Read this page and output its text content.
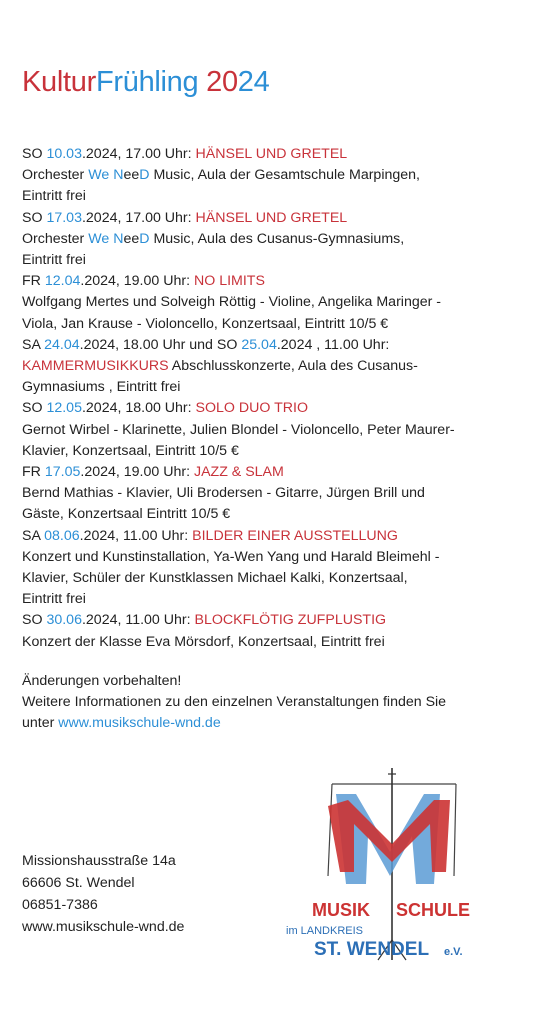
KulturFrühling 2024
SO 10.03.2024, 17.00 Uhr: HÄNSEL UND GRETEL
Orchester We NeeD Music, Aula der Gesamtschule Marpingen,
Eintritt frei
SO 17.03.2024, 17.00 Uhr: HÄNSEL UND GRETEL
Orchester We NeeD Music, Aula des Cusanus-Gymnasiums,
Eintritt frei
FR 12.04.2024, 19.00 Uhr: NO LIMITS
Wolfgang Mertes und Solveigh Röttig - Violine, Angelika Maringer -
Viola, Jan Krause - Violoncello, Konzertsaal, Eintritt 10/5 €
SA 24.04.2024, 18.00 Uhr und SO 25.04.2024 , 11.00 Uhr:
KAMMERMUSIKKURS Abschlusskonzerte, Aula des Cusanus-
Gymnasiums , Eintritt frei
SO 12.05.2024, 18.00 Uhr: SOLO DUO TRIO
Gernot Wirbel - Klarinette, Julien Blondel - Violoncello, Peter Maurer-
Klavier, Konzertsaal, Eintritt 10/5 €
FR 17.05.2024, 19.00 Uhr: JAZZ & SLAM
Bernd Mathias - Klavier, Uli Brodersen - Gitarre, Jürgen Brill und
Gäste, Konzertsaal Eintritt 10/5 €
SA 08.06.2024, 11.00 Uhr: BILDER EINER AUSSTELLUNG
Konzert und Kunstinstallation, Ya-Wen Yang und Harald Bleimehl -
Klavier, Schüler der Kunstklassen Michael Kalki, Konzertsaal,
Eintritt frei
SO 30.06.2024, 11.00 Uhr: BLOCKFLÖTIG ZUFPLUSTIG
Konzert der Klasse Eva Mörsdorf, Konzertsaal, Eintritt frei
Änderungen vorbehalten!
Weitere Informationen zu den einzelnen Veranstaltungen finden Sie
unter www.musikschule-wnd.de
Missionshausstraße 14a
66606 St. Wendel
06851-7386
www.musikschule-wnd.de
MUSIK SCHULE
im LANDKREIS
ST. WENDEL e.V.
